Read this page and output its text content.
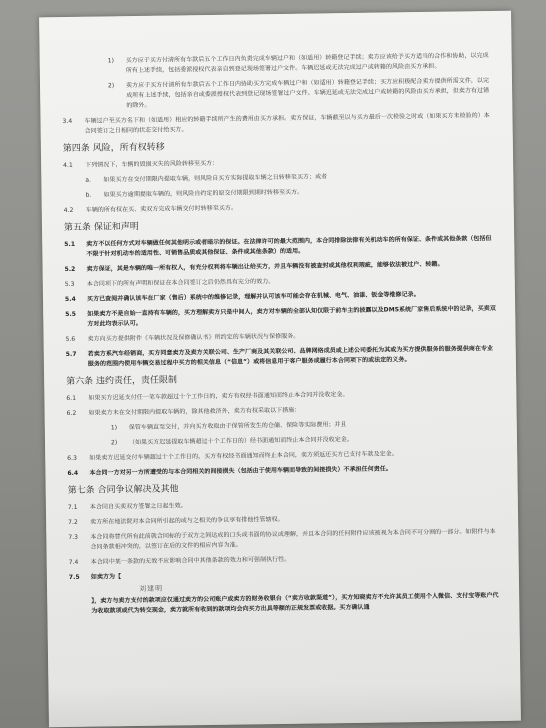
1) 买方应于买方付清所有车款后五个工作日内负责完成车辆过户和（如适用）转籍登记手续；卖方应该给予买方适当的合作和协助，以完成所有上述手续，包括委派授权代表亲自到登记现场签署过户文件。车辆迟延或无法完成过户或转籍的风险由买方承担。
2) 卖方应于买方付清所有车款后五个工作日内协助买方完成车辆过户和（如适用）转籍登记手续；买方应积极配合卖方提供所需文件，以完成所有上述手续，包括亲自或委派授权代表到登记现场签署过户文件。车辆迟延或无法完成过户或转籍的风险由买方承担，但卖方有过错的除外。
3.4 车辆过户至买方名下和（如适用）相应的转籍手续所产生的费用由买方承担。卖方保证，车辆截至以与买方最后一次检验之时或（如果买方未检验的）本合同签订之日相同的状态交付给买方。
第四条 风险，所有权转移
4.1 下列情况下，车辆的毁损灭失的风险转移至买方：
a. 如果买方在交付期限内提取车辆，则风险自买方实际提取车辆之日转移至买方；或者
b. 如果买方逾期提取车辆的，则风险自约定的原交付期限到期时转移至买方。
4.2 车辆的所有权在买、卖双方完成车辆交付时转移至买方。
第五条 保证和声明
5.1 卖方不以任何方式对车辆做任何其他明示或者暗示的保证。在法律许可的最大范围内，本合同排除法律有关机动车的所有保证、条件或其他条款（包括但不限于针对机动车的适用性、可销售品质或其他保证、条件或其他条款）的适用。
5.2 卖方保证，其是车辆的唯一所有权人，有充分权利将车辆出让给买方，并且车辆没有被查封或其他权利瑕疵，能够依法被过户、转籍。
5.3 本合同项下的所有声明和保证在本合同签订之后仍然具有充分的效力。
5.4 买方已查阅并确认该车在厂家（售后）系统中的维修记录，理解并认可该车可能会存在机械、电气、油漆、钣金等维修记录。
5.5 如果卖方不是自始一直持有车辆的，买方理解卖方只是中间人，卖方对车辆的全部认知仅限于前车主的披露以及DMS系统厂家售后系统中的记录，买卖双方对此均表示认可。
5.6 卖方向买方提供附件《车辆状况及保修确认书》所约定的车辆状况与保修服务。
5.7 若卖方系汽车经销商，买方同意卖方及卖方关联公司、生产厂商及其关联公司、品牌网络成员或上述公司委托为其或为买方提供服务的服务提供商在专业服务的范围内使用车辆交易过程中买方的相关信息（“信息”）或将信息用于客户服务或履行本合同项下的或法定的义务。
第六条 违约责任，责任限制
6.1 如果买方迟延支付任一笔车款超过十个工作日的，卖方有权经书面通知而终止本合同并没收定金。
6.2 如果卖方未在交付期限内提取车辆的，除其他救济外，卖方有权采取以下措施：
1) 保管车辆直至交付，并向买方收取由于保管所发生的仓储、保险等实际费用；并且
2) （如果买方迟延提取车辆超过十个工作日的）经书面通知而终止本合同并没收定金。
6.3 如果卖方迟延交付车辆超过十个工作日的，买方有权经书面通知而终止本合同，卖方须返还买方已支付车款及定金。
6.4 本合同一方对另一方所遭受的与本合同相关的间接损失（包括由于使用车辆而导致的间接损失）不承担任何责任。
第七条 合同争议解决及其他
7.1 本合同自买卖双方签署之日起生效。
7.2 卖方所在地法院对本合同所引起的或与之相关的争议享有排他性管辖权。
7.3 本合同将替代所有此前就合同标的于双方之间达成的口头或书面的协议或理解，并且本合同的任何附件应该被视为本合同不可分割的一部分。如附件与本合同条款相冲突的，以签订在后的文件的相应内容为准。
7.4 本合同中某一条款的无效不应影响合同中其他条款的效力和可强制执行性。
7.5 如卖方为【
刘建明
】，卖方与卖方支付的款项应仅通过卖方的公司账户或卖方的财务收银台（“卖方收款渠道”），买方知晓卖方不允许其员工使用个人微信、支付宝等账户代为收取款项或代为转交现金，卖方就所有收到的款项均会向买方出具等额的正规发票或收据。买方确认通
